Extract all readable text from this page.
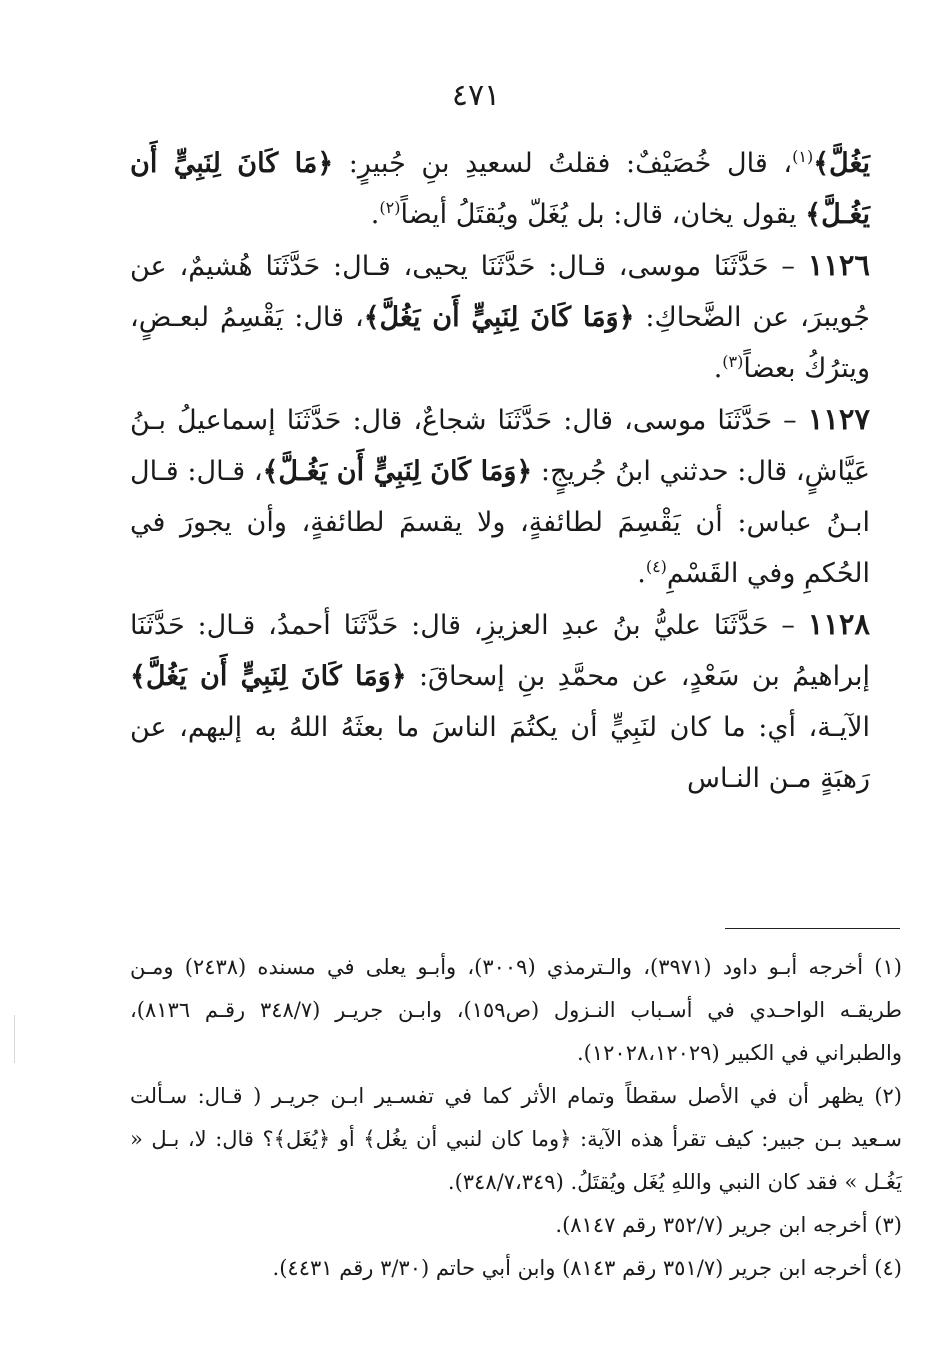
٤٧١

يَغُلَّ﴾$^{(١)}$، قال خُصَيْفٌ: فقلتُ لسعيدِ بنِ جُبيرٍ: ﴿مَا كَانَ لِنَبِيٍّ أَن يَغُـلَّ﴾ يقول يخان، قال: بل يُغَلّ ويُقتَلُ أيضاً$^{(٢)}$.

١١٢٦ – حَدَّثَنَا موسى، قـال: حَدَّثَنَا يحيى، قـال: حَدَّثَنَا هُشيمٌ، عن جُويبرَ، عن الضَّحاكِ: ﴿وَمَا كَانَ لِنَبِيٍّ أَن يَغُلَّ﴾، قال: يَقْسِمُ لبعـضٍ، ويترُكُ بعضاً$^{(٣)}$.

١١٢٧ – حَدَّثَنَا موسى، قال: حَدَّثَنَا شجاعٌ، قال: حَدَّثَنَا إسماعيلُ بـنُ عَيَّاشٍ، قال: حدثني ابنُ جُريجٍ: ﴿وَمَا كَانَ لِنَبِيٍّ أَن يَغُـلَّ﴾، قـال: قـال ابـنُ عباس: أن يَقْسِمَ لطائفةٍ، ولا يقسمَ لطائفةٍ، وأن يجورَ في الحُكمِ وفي القَسْمِ$^{(٤)}$.

١١٢٨ – حَدَّثَنَا عليُّ بنُ عبدِ العزيزِ، قال: حَدَّثَنَا أحمدُ، قـال: حَدَّثَنَا إبراهيمُ بن سَعْدٍ، عن محمَّدِ بنِ إسحاقَ: ﴿وَمَا كَانَ لِنَبِيٍّ أَن يَغُلَّ﴾ الآيـة، أي: ما كان لنَبِيٍّ أن يكتُمَ الناسَ ما بعثَهُ اللهُ به إليهم، عن رَهبَةٍ مـن النـاس

(١) أخرجه أبـو داود (٣٩٧١)، والـترمذي (٣٠٠٩)، وأبـو يعلى في مسنده (٢٤٣٨) ومـن طريقـه الواحـدي في أسـباب النـزول (ص١٥٩)، وابـن جريـر (٣٤٨/٧ رقـم ٨١٣٦)، والطبراني في الكبير (١٢٠٢٨،١٢٠٢٩).

(٢) يظهر أن في الأصل سقطاً وتمام الأثر كما في تفسـير ابـن جريـر ( قـال: سـألت سـعيد بـن جبير: كيف تقرأ هذه الآية: ﴿وما كان لنبي أن يغُل﴾ أو ﴿يُغَل﴾؟ قال: لا، بـل « يَغُـل » فقد كان النبي واللهِ يُغَل ويُقتَلُ. (٣٤٨/٧،٣٤٩).

(٣) أخرجه ابن جرير (٣٥٢/٧ رقم ٨١٤٧).

(٤) أخرجه ابن جرير (٣٥١/٧ رقم ٨١٤٣) وابن أبي حاتم (٣/٣٠ رقم ٤٤٣١).
